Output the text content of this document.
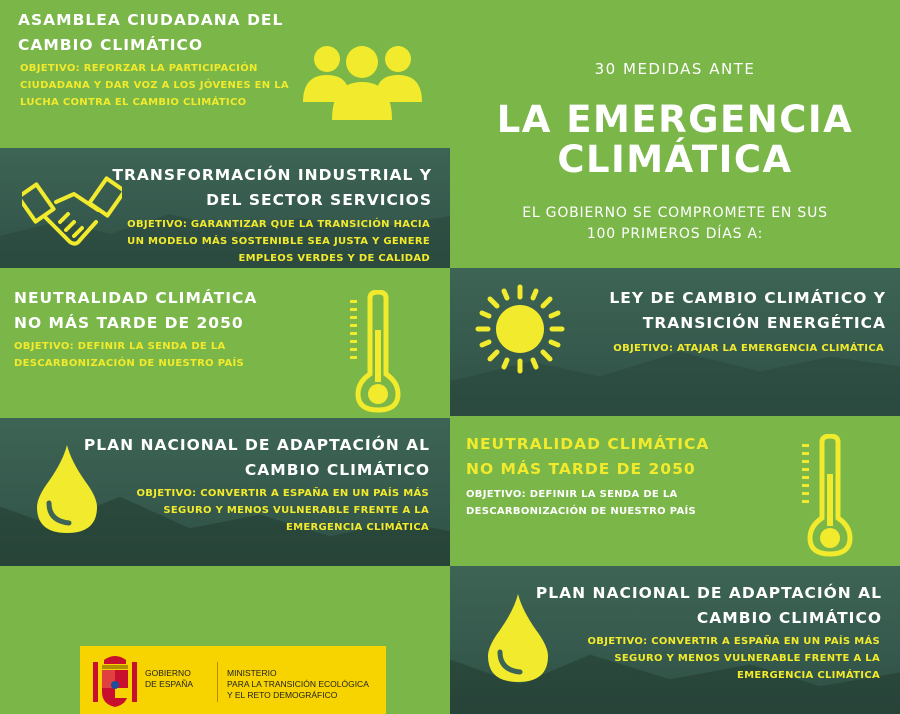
ASAMBLEA CIUDADANA DEL
CAMBIO CLIMÁTICO
OBJETIVO: REFORZAR LA PARTICIPACIÓN
CIUDADANA Y DAR VOZ A LOS JÓVENES EN LA
LUCHA CONTRA EL CAMBIO CLIMÁTICO
TRANSFORMACIÓN INDUSTRIAL Y
DEL SECTOR SERVICIOS
OBJETIVO: GARANTIZAR QUE LA TRANSICIÓN HACIA
UN MODELO MÁS SOSTENIBLE SEA JUSTA Y GENERE
EMPLEOS VERDES Y DE CALIDAD
30 MEDIDAS ANTE
LA EMERGENCIA
CLIMÁTICA
EL GOBIERNO SE COMPROMETE EN SUS
100 PRIMEROS DÍAS A:
NEUTRALIDAD CLIMÁTICA
NO MÁS TARDE DE 2050
OBJETIVO: DEFINIR LA SENDA DE LA
DESCARBONIZACIÓN DE NUESTRO PAÍS
LEY DE CAMBIO CLIMÁTICO Y
TRANSICIÓN ENERGÉTICA
OBJETIVO: ATAJAR LA EMERGENCIA CLIMÁTICA
PLAN NACIONAL DE ADAPTACIÓN AL
CAMBIO CLIMÁTICO
OBJETIVO: CONVERTIR A ESPAÑA EN UN PAÍS MÁS
SEGURO Y MENOS VULNERABLE FRENTE A LA
EMERGENCIA CLIMÁTICA
NEUTRALIDAD CLIMÁTICA
NO MÁS TARDE DE 2050
OBJETIVO: DEFINIR LA SENDA DE LA
DESCARBONIZACIÓN DE NUESTRO PAÍS
PLAN NACIONAL DE ADAPTACIÓN AL
CAMBIO CLIMÁTICO
OBJETIVO: CONVERTIR A ESPAÑA EN UN PAÍS MÁS
SEGURO Y MENOS VULNERABLE FRENTE A LA
EMERGENCIA CLIMÁTICA
GOBIERNO
DE ESPAÑA
MINISTERIO
PARA LA TRANSICIÓN ECOLÓGICA
Y EL RETO DEMOGRÁFICO
